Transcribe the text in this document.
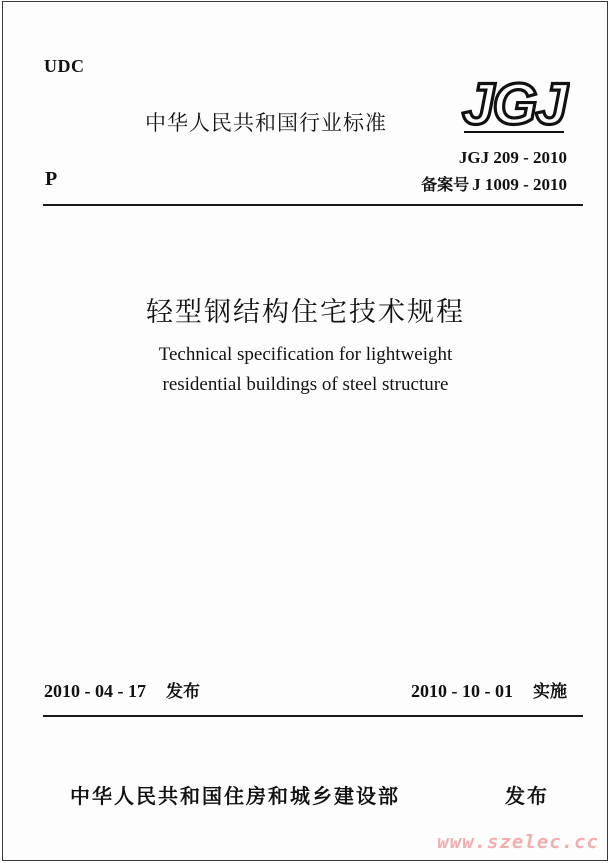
UDC
中华人民共和国行业标准 JGJ
P
JGJ 209 - 2010
备案号 J 1009 - 2010
轻型钢结构住宅技术规程
Technical specification for lightweight
residential buildings of steel structure
2010 - 04 - 17 发布	2010 - 10 - 01 实施
中华人民共和国住房和城乡建设部	发布
www.szelec.cc
